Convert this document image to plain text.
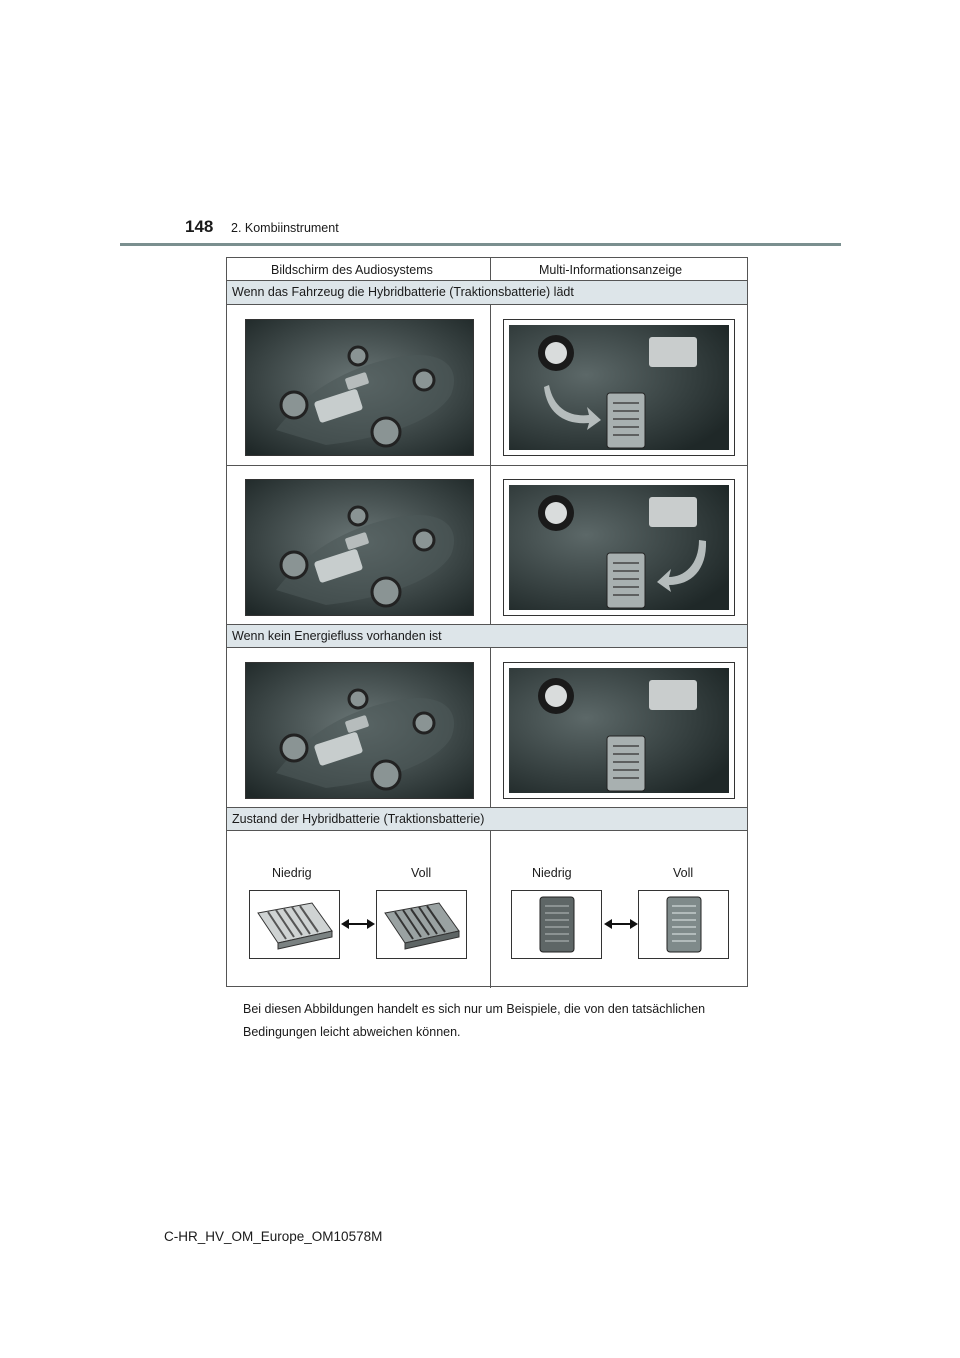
148 2. Kombiinstrument
Bildschirm des Audiosystems	Multi-Informationsanzeige
Wenn das Fahrzeug die Hybridbatterie (Traktionsbatterie) lädt
Wenn kein Energiefluss vorhanden ist
Zustand der Hybridbatterie (Traktionsbatterie)
Niedrig	Voll	Niedrig	Voll
Bei diesen Abbildungen handelt es sich nur um Beispiele, die von den tatsächlichen Bedingungen leicht abweichen können.
C-HR_HV_OM_Europe_OM10578M
